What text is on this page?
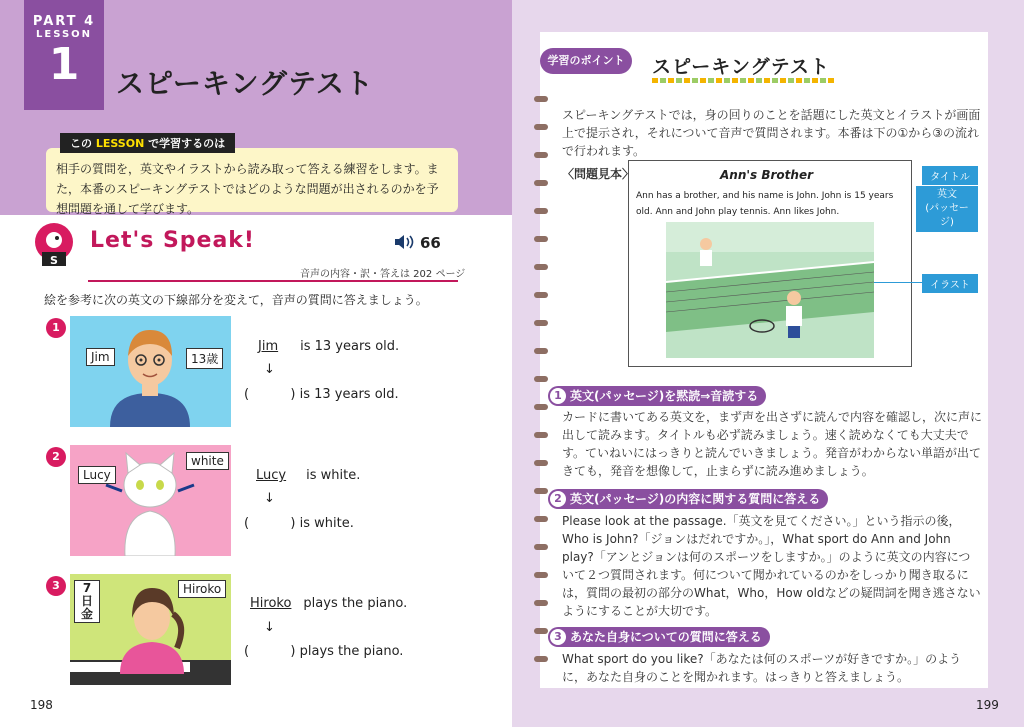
PART 4
LESSON
1	スピーキングテスト
相手の質問を，英文やイラストから読み取って答える練習をします。また，本番のスピーキングテストではどのような問題が出されるのかを予想問題を通して学びます。
この LESSON で学習するのは
S
Let's Speak!	66
音声の内容・訳・答えは 202 ページ
絵を参考に次の英文の下線部分を変えて，音声の質問に答えましょう。
1
Jim	13歳
Jim is 13 years old.
↓
(          ) is 13 years old.
2
Lucy
white
Lucy is white.
↓
(          ) is white.
3	7日 金
Hiroko
Hiroko plays the piano.
↓
(          ) plays the piano.
198
学習のポイント	スピーキングテスト
スピーキングテストでは，身の回りのことを話題にした英文とイラストが画面上で提示され，それについて音声で質問されます。本番は下の①から③の流れで行われます。
〈問題見本〉	Ann's Brother
Ann has a brother, and his name is John. John is 15 years old. Ann and John play tennis. Ann likes John.
タイトル
英文
(パッセージ)
イラスト
1 英文(パッセージ)を黙読⇒音読する
カードに書いてある英文を，まず声を出さずに読んで内容を確認し，次に声に出して読みます。タイトルも必ず読みましょう。速く読めなくても大丈夫です。ていねいにはっきりと読んでいきましょう。発音がわからない単語が出てきても，発音を想像して，止まらずに読み進めましょう。
2 英文(パッセージ)の内容に関する質問に答える
Please look at the passage.「英文を見てください。」という指示の後，Who is John?「ジョンはだれですか。」，What sport do Ann and John play?「アンとジョンは何のスポーツをしますか。」のように英文の内容について２つ質問されます。何について聞かれているのかをしっかり聞き取るには，質問の最初の部分のWhat，Who，How oldなどの疑問詞を聞き逃さないようにすることが大切です。
3 あなた自身についての質問に答える
What sport do you like?「あなたは何のスポーツが好きですか。」のように，あなた自身のことを聞かれます。はっきりと答えましょう。
199
